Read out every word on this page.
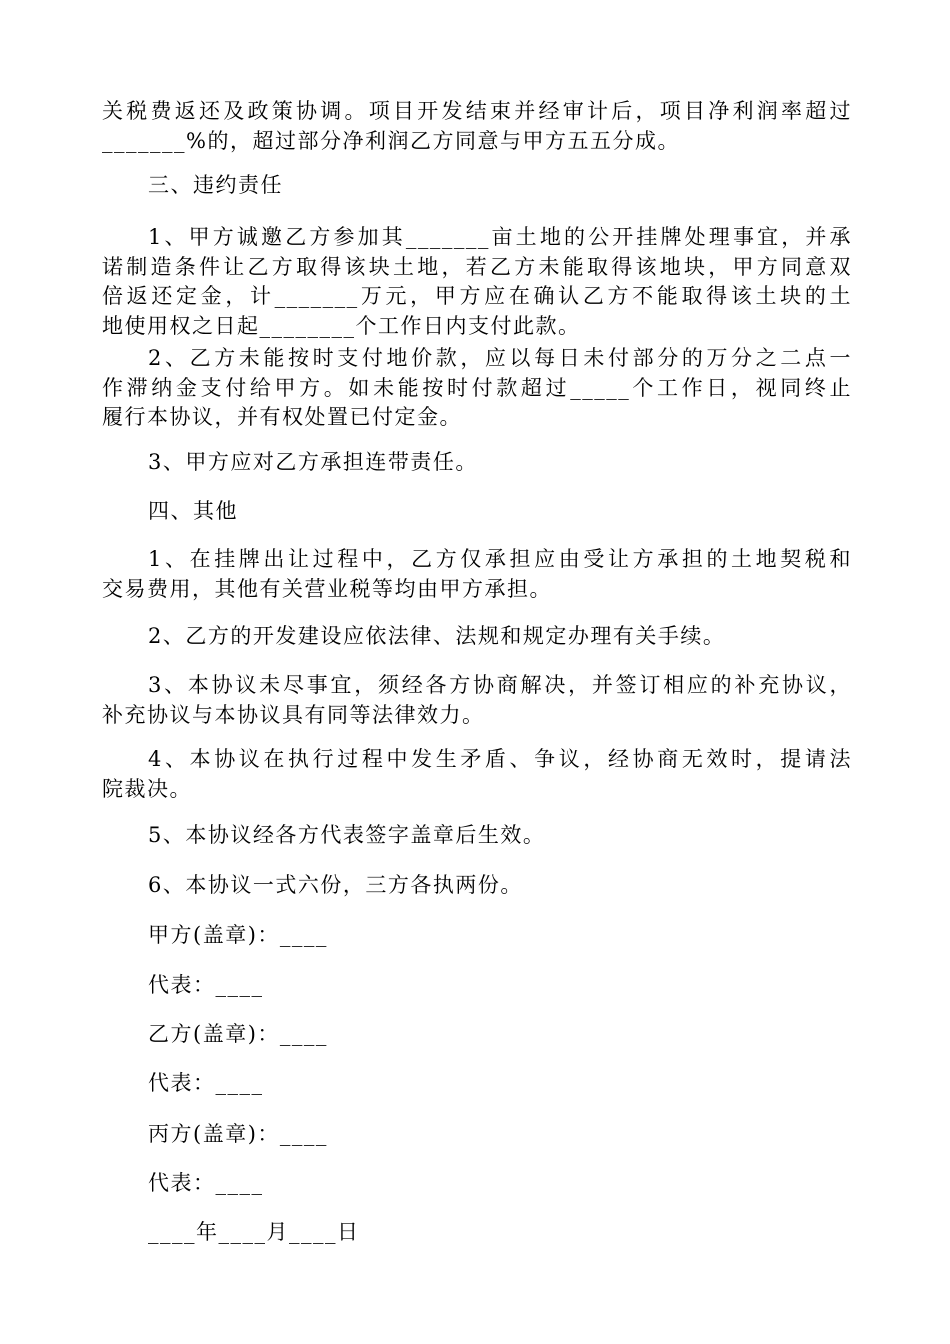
关税费返还及政策协调。项目开发结束并经审计后，项目净利润率超过
_______%的，超过部分净利润乙方同意与甲方五五分成。
三、违约责任
1、甲方诚邀乙方参加其_______亩土地的公开挂牌处理事宜，并承
诺制造条件让乙方取得该块土地，若乙方未能取得该地块，甲方同意双
倍返还定金，计_______万元，甲方应在确认乙方不能取得该土块的土
地使用权之日起________个工作日内支付此款。
2、乙方未能按时支付地价款，应以每日未付部分的万分之二点一
作滞纳金支付给甲方。如未能按时付款超过_____个工作日，视同终止
履行本协议，并有权处置已付定金。
3、甲方应对乙方承担连带责任。
四、其他
1、在挂牌出让过程中，乙方仅承担应由受让方承担的土地契税和
交易费用，其他有关营业税等均由甲方承担。
2、乙方的开发建设应依法律、法规和规定办理有关手续。
3、本协议未尽事宜，须经各方协商解决，并签订相应的补充协议，
补充协议与本协议具有同等法律效力。
4、本协议在执行过程中发生矛盾、争议，经协商无效时，提请法
院裁决。
5、本协议经各方代表签字盖章后生效。
6、本协议一式六份，三方各执两份。
甲方(盖章)：____
代表：____
乙方(盖章)：____
代表：____
丙方(盖章)：____
代表：____
____年____月____日
